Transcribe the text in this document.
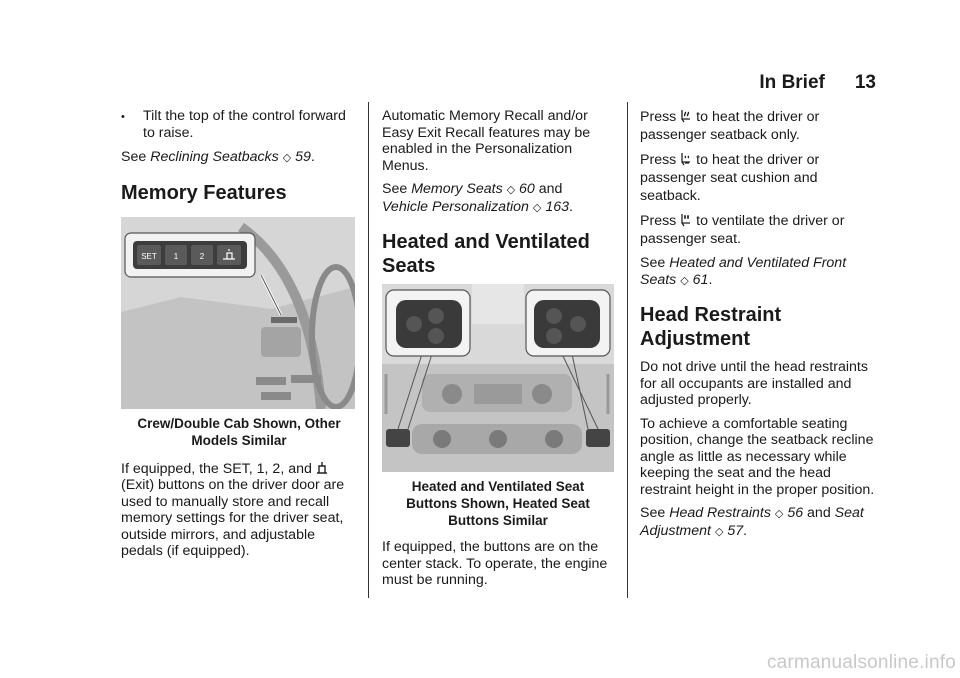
In Brief 13
•	Tilt the top of the control forward to raise.

See Reclining Seatbacks ◇ 59.

Memory Features
SET 1	2
Crew/Double Cab Shown, Other
Models Similar

If equipped, the SET, 1, 2, and  (Exit) buttons on the driver door are used to manually store and recall memory settings for the driver seat, outside mirrors, and adjustable pedals (if equipped).

Automatic Memory Recall and/or Easy Exit Recall features may be enabled in the Personalization Menus.

See Memory Seats ◇ 60 and
Vehicle Personalization ◇ 163.

Heated and Ventilated
Seats
Heated and Ventilated Seat
Buttons Shown, Heated Seat
Buttons Similar

If equipped, the buttons are on the center stack. To operate, the engine must be running.

Press to heat the driver or passenger seatback only.

Press to heat the driver or passenger seat cushion and seatback.

Press to ventilate the driver or passenger seat.

See Heated and Ventilated Front Seats ◇ 61.

Head Restraint
Adjustment

Do not drive until the head restraints for all occupants are installed and adjusted properly.

To achieve a comfortable seating position, change the seatback recline angle as little as necessary while keeping the seat and the head restraint height in the proper position.

See Head Restraints ◇ 56 and Seat Adjustment ◇ 57.

carmanualsonline.info
